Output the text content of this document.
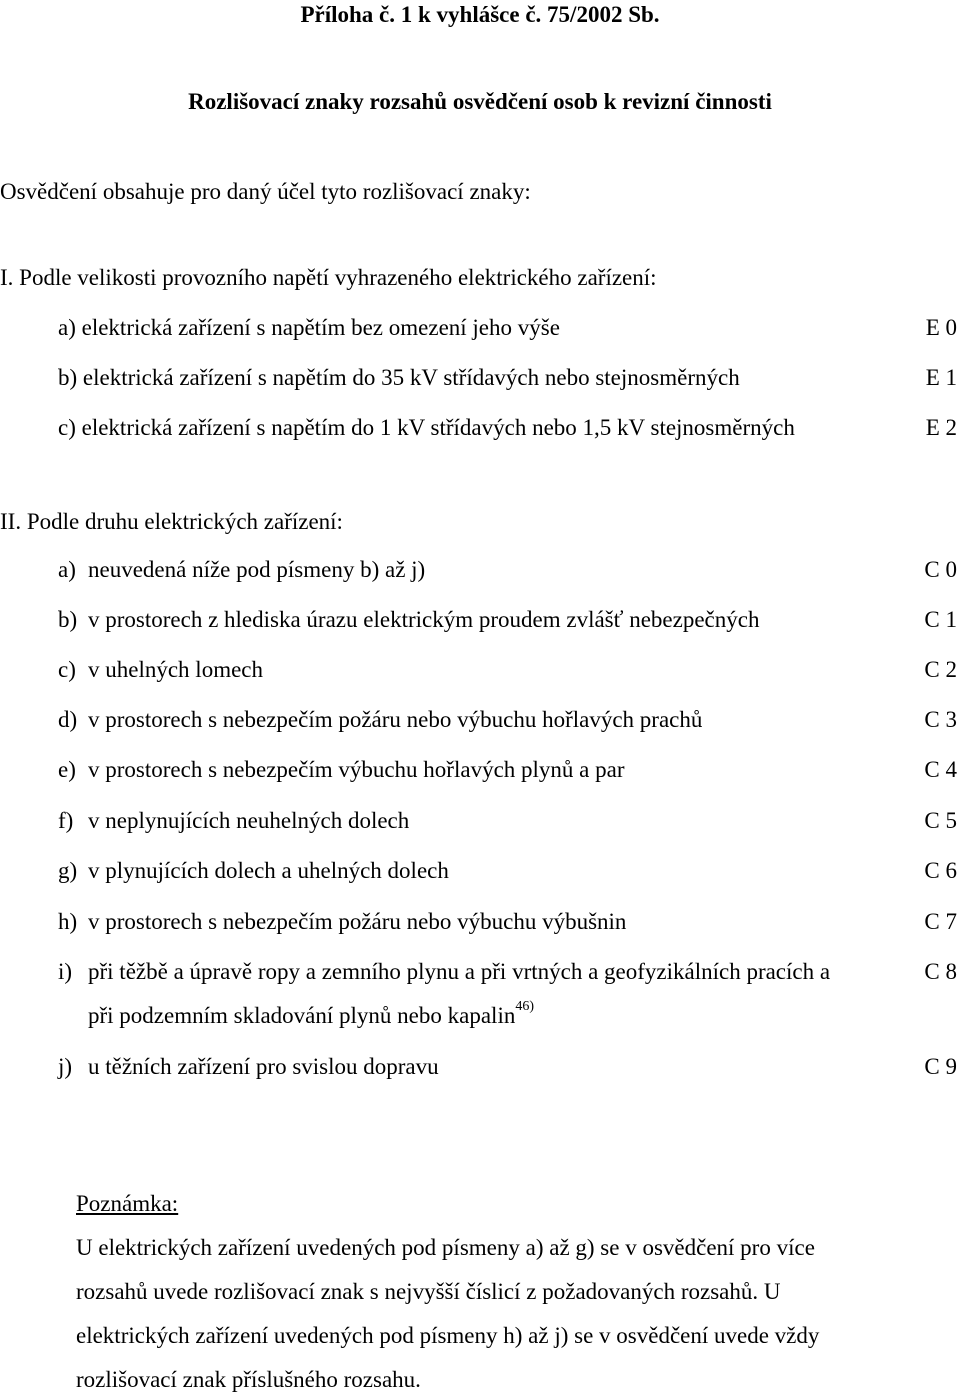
Příloha č. 1 k vyhlášce č. 75/2002 Sb.
Rozlišovací znaky rozsahů osvědčení osob k revizní činnosti
Osvědčení obsahuje pro daný účel tyto rozlišovací znaky:
I. Podle velikosti provozního napětí vyhrazeného elektrického zařízení:
a) elektrická zařízení s napětím bez omezení jeho výše	E 0
b) elektrická zařízení s napětím do 35 kV střídavých nebo stejnosměrných	E 1
c) elektrická zařízení s napětím do 1 kV střídavých nebo 1,5 kV stejnosměrných	E 2
II. Podle druhu elektrických zařízení:
a) neuvedená níže pod písmeny b) až j)	C 0
b) v prostorech z hlediska úrazu elektrickým proudem zvlášť nebezpečných	C 1
c) v uhelných lomech	C 2
d) v prostorech s nebezpečím požáru nebo výbuchu hořlavých prachů	C 3
e) v prostorech s nebezpečím výbuchu hořlavých plynů a par	C 4
f) v neplynujících neuhelných dolech	C 5
g) v plynujících dolech a uhelných dolech	C 6
h) v prostorech s nebezpečím požáru nebo výbuchu výbušnin	C 7
i) při těžbě a úpravě ropy a zemního plynu a při vrtných a geofyzikálních pracích a	C 8
při podzemním skladování plynů nebo kapalin$^{46)}$
j) u těžních zařízení pro svislou dopravu	C 9
Poznámka:
U elektrických zařízení uvedených pod písmeny a) až g) se v osvědčení pro více
rozsahů uvede rozlišovací znak s nejvyšší číslicí z požadovaných rozsahů. U
elektrických zařízení uvedených pod písmeny h) až j) se v osvědčení uvede vždy
rozlišovací znak příslušného rozsahu.
